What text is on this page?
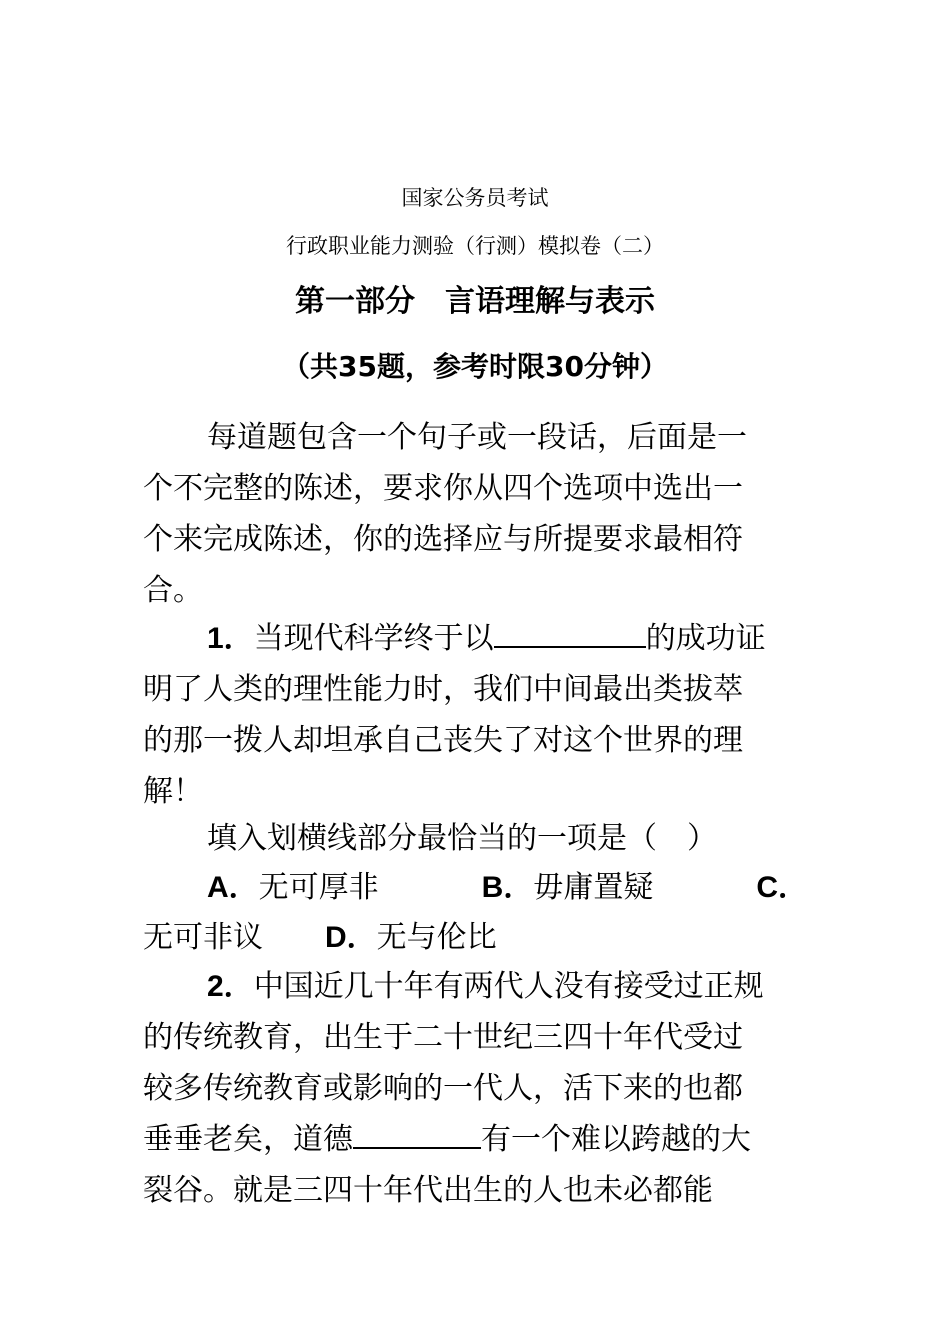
国家公务员考试
行政职业能力测验（行测）模拟卷（二）
第一部分　言语理解与表示
（共35题，参考时限30分钟）
每道题包含一个句子或一段话，后面是一
个不完整的陈述，要求你从四个选项中选出一
个来完成陈述，你的选择应与所提要求最相符
合。
1．当现代科学终于以	的成功证
明了人类的理性能力时，我们中间最出类拔萃
的那一拨人却坦承自己丧失了对这个世界的理
解！
填入划横线部分最恰当的一项是（　）
A．无可厚非	B．毋庸置疑	C．
无可非议 D．无与伦比
2．中国近几十年有两代人没有接受过正规
的传统教育，出生于二十世纪三四十年代受过
较多传统教育或影响的一代人，活下来的也都
垂垂老矣，道德	有一个难以跨越的大
裂谷。就是三四十年代出生的人也未必都能
